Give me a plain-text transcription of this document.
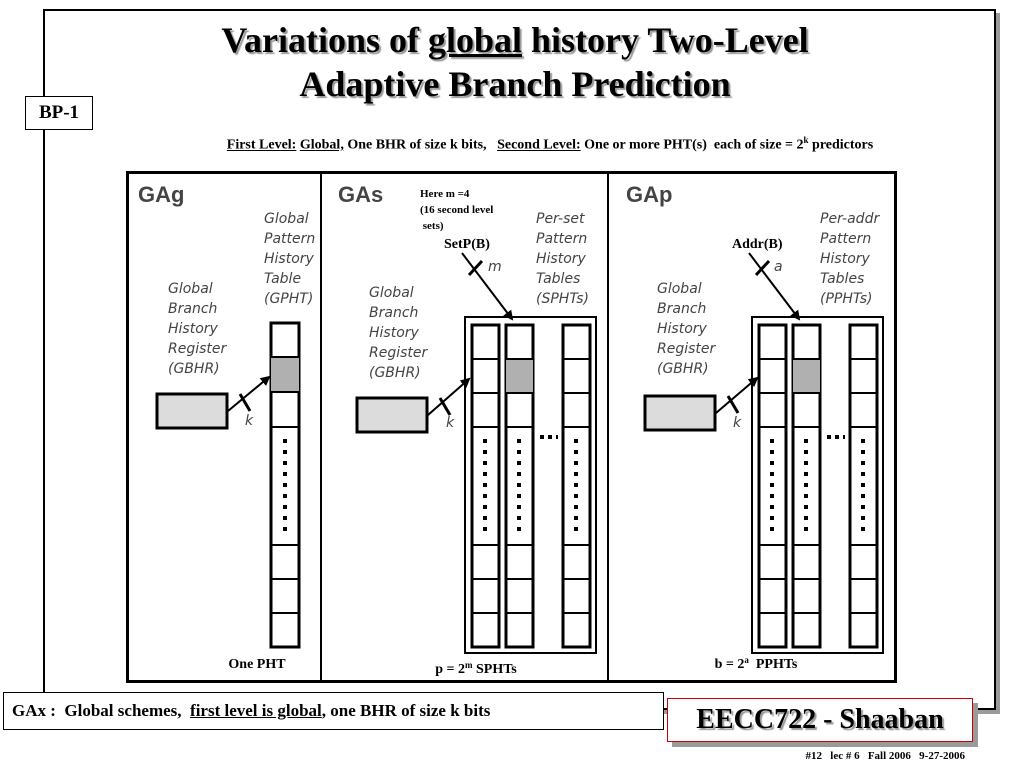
BP-1
Variations of global history Two-Level
Adaptive Branch Prediction
First Level: Global, One BHR of size k bits,   Second Level: One or more PHT(s)  each of size = $2^k$ predictors
GAg
Global
Pattern
History
Table
(GPHT)
Global
Branch
History
Register
(GBHR)
k
One PHT
GAs	Here m =4
(16 second level
sets)
SetP(B)
Per-set
Pattern
History
Tables
(SPHTs)
Global
Branch
History
Register
(GBHR)
k
m
$p = 2^m$ SPHTs
GAp
Addr(B)
Per-addr
Pattern
History
Tables
(PPHTs)
Global
Branch
History
Register
(GBHR)
k
a
$b = 2^a$  PPHTs
GAx :  Global schemes, first level is global , one BHR of size k bits	EECC722 - Shaaban
#12   lec # 6   Fall 2006   9-27-2006
